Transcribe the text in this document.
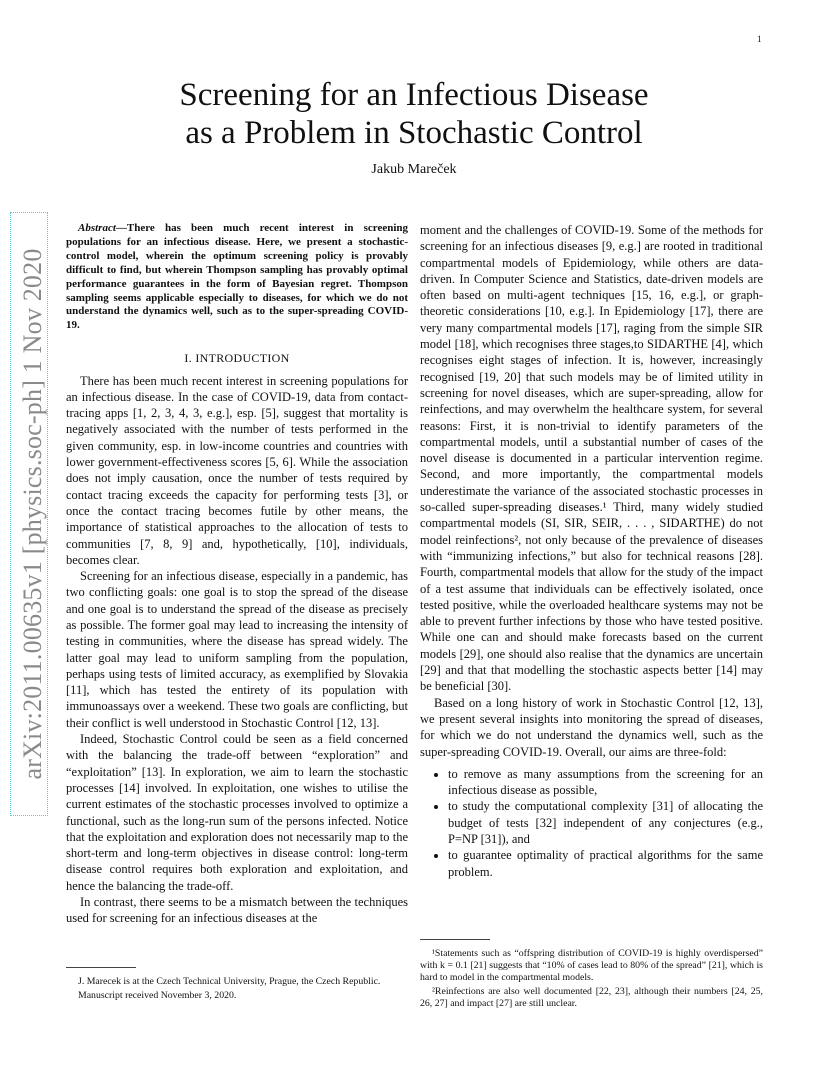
1
arXiv:2011.00635v1 [physics.soc-ph] 1 Nov 2020
Screening for an Infectious Disease
as a Problem in Stochastic Control
Jakub Mareček

Abstract—There has been much recent interest in screening populations for an infectious disease. Here, we present a stochastic-control model, wherein the optimum screening policy is provably difficult to find, but wherein Thompson sampling has provably optimal performance guarantees in the form of Bayesian regret. Thompson sampling seems applicable especially to diseases, for which we do not understand the dynamics well, such as to the super-spreading COVID-19.

I. INTRODUCTION

There has been much recent interest in screening populations for an infectious disease. In the case of COVID-19, data from contact-tracing apps [1, 2, 3, 4, 3, e.g.], esp. [5], suggest that mortality is negatively associated with the number of tests performed in the given community, esp. in low-income countries and countries with lower government-effectiveness scores [5, 6]. While the association does not imply causation, once the number of tests required by contact tracing exceeds the capacity for performing tests [3], or once the contact tracing becomes futile by other means, the importance of statistical approaches to the allocation of tests to communities [7, 8, 9] and, hypothetically, [10], individuals, becomes clear.

Screening for an infectious disease, especially in a pandemic, has two conflicting goals: one goal is to stop the spread of the disease and one goal is to understand the spread of the disease as precisely as possible. The former goal may lead to increasing the intensity of testing in communities, where the disease has spread widely. The latter goal may lead to uniform sampling from the population, perhaps using tests of limited accuracy, as exemplified by Slovakia [11], which has tested the entirety of its population with immunoassays over a weekend. These two goals are conflicting, but their conflict is well understood in Stochastic Control [12, 13].

Indeed, Stochastic Control could be seen as a field concerned with the balancing the trade-off between “exploration” and “exploitation” [13]. In exploration, we aim to learn the stochastic processes [14] involved. In exploitation, one wishes to utilise the current estimates of the stochastic processes involved to optimize a functional, such as the long-run sum of the persons infected. Notice that the exploitation and exploration does not necessarily map to the short-term and long-term objectives in disease control: long-term disease control requires both exploration and exploitation, and hence the balancing the trade-off.

In contrast, there seems to be a mismatch between the techniques used for screening for an infectious diseases at the

moment and the challenges of COVID-19. Some of the methods for screening for an infectious diseases [9, e.g.] are rooted in traditional compartmental models of Epidemiology, while others are data-driven. In Computer Science and Statistics, date-driven models are often based on multi-agent techniques [15, 16, e.g.], or graph-theoretic considerations [10, e.g.]. In Epidemiology [17], there are very many compartmental models [17], raging from the simple SIR model [18], which recognises three stages,to SIDARTHE [4], which recognises eight stages of infection. It is, however, increasingly recognised [19, 20] that such models may be of limited utility in screening for novel diseases, which are super-spreading, allow for reinfections, and may overwhelm the healthcare system, for several reasons: First, it is non-trivial to identify parameters of the compartmental models, until a substantial number of cases of the novel disease is documented in a particular intervention regime. Second, and more importantly, the compartmental models underestimate the variance of the associated stochastic processes in so-called super-spreading diseases.¹ Third, many widely studied compartmental models (SI, SIR, SEIR, . . . , SIDARTHE) do not model reinfections², not only because of the prevalence of diseases with “immunizing infections,” but also for technical reasons [28]. Fourth, compartmental models that allow for the study of the impact of a test assume that individuals can be effectively isolated, once tested positive, while the overloaded healthcare systems may not be able to prevent further infections by those who have tested positive. While one can and should make forecasts based on the current models [29], one should also realise that the dynamics are uncertain [29] and that that modelling the stochastic aspects better [14] may be beneficial [30].

Based on a long history of work in Stochastic Control [12, 13], we present several insights into monitoring the spread of diseases, for which we do not understand the dynamics well, such as the super-spreading COVID-19. Overall, our aims are three-fold:

• to remove as many assumptions from the screening for an infectious disease as possible,
• to study the computational complexity [31] of allocating the budget of tests [32] independent of any conjectures (e.g., P=NP [31]), and
• to guarantee optimality of practical algorithms for the same problem.

J. Marecek is at the Czech Technical University, Prague, the Czech Republic.

Manuscript received November 3, 2020.

¹Statements such as “offspring distribution of COVID-19 is highly overdispersed” with k = 0.1 [21] suggests that “10% of cases lead to 80% of the spread” [21], which is hard to model in the compartmental models.

²Reinfections are also well documented [22, 23], although their numbers [24, 25, 26, 27] and impact [27] are still unclear.
